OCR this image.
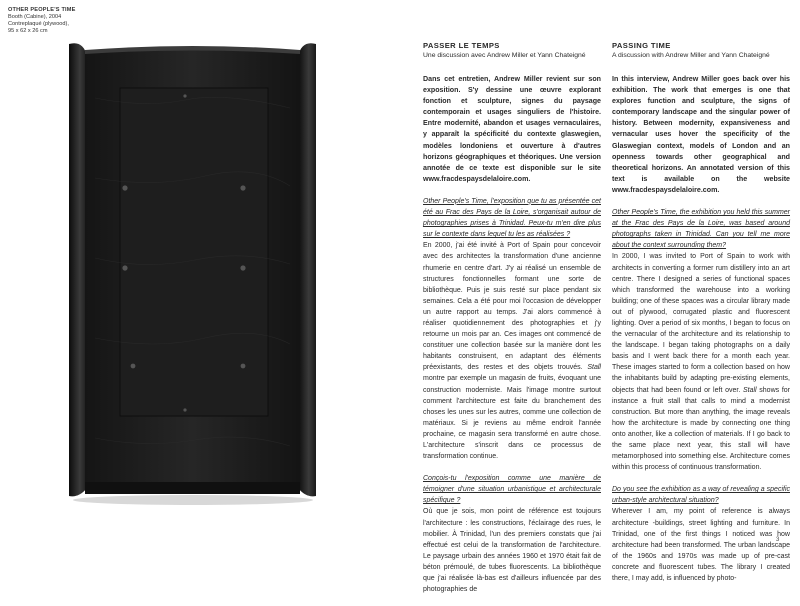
OTHER PEOPLE'S TIME
Booth (Cabine), 2004
Contreplaqué (plywood),
95 x 62 x 26 cm
PASSER LE TEMPS
Une discussion avec Andrew Miller et Yann Chateigné

Dans cet entretien, Andrew Miller revient sur son exposition. S'y dessine une œuvre explorant fonction et sculpture, signes du paysage contemporain et usages singuliers de l'histoire. Entre modernité, abandon et usages vernaculaires, y apparaît la spécificité du contexte glaswegien, modèles londoniens et ouverture à d'autres horizons géographiques et théoriques. Une version annotée de ce texte est disponible sur le site www.fracdespaysdelaloire.com.

Other People's Time, l'exposition que tu as présentée cet été au Frac des Pays de la Loire, s'organisait autour de photographies prises à Trinidad. Peux-tu m'en dire plus sur le contexte dans lequel tu les as réalisées ?

En 2000, j'ai été invité à Port of Spain pour concevoir avec des architectes la transformation d'une ancienne rhumerie en centre d'art. J'y ai réalisé un ensemble de structures fonctionnelles formant une sorte de bibliothèque. Puis je suis resté sur place pendant six semaines. Cela a été pour moi l'occasion de développer un autre rapport au temps. J'ai alors commencé à réaliser quotidiennement des photographies et j'y retourne un mois par an. Ces images ont commencé de constituer une collection basée sur la manière dont les habitants construisent, en adaptant des éléments préexistants, des restes et des objets trouvés. Stall montre par exemple un magasin de fruits, évoquant une construction moderniste. Mais l'image montre surtout comment l'architecture est faite du branchement des choses les unes sur les autres, comme une collection de matériaux. Si je reviens au même endroit l'année prochaine, ce magasin sera transformé en autre chose. L'architecture s'inscrit dans ce processus de transformation continue.

Conçois-tu l'exposition comme une manière de témoigner d'une situation urbanistique et architecturale spécifique ?

Où que je sois, mon point de référence est toujours l'architecture : les constructions, l'éclairage des rues, le mobilier. À Trinidad, l'un des premiers constats que j'ai effectué est celui de la transformation de l'architecture. Le paysage urbain des années 1960 et 1970 était fait de béton prémoulé, de tubes fluorescents. La bibliothèque que j'ai réalisée là-bas est d'ailleurs influencée par des photographies de

PASSING TIME
A discussion with Andrew Miller and Yann Chateigné

In this interview, Andrew Miller goes back over his exhibition. The work that emerges is one that explores function and sculpture, the signs of contemporary landscape and the singular power of history. Between modernity, expansiveness and vernacular uses hover the specificity of the Glaswegian context, models of London and an openness towards other geographical and theoretical horizons. An annotated version of this text is available on the website www.fracdespaysdelaloire.com.

Other People's Time, the exhibition you held this summer at the Frac des Pays de la Loire, was based around photographs taken in Trinidad. Can you tell me more about the context surrounding them?

In 2000, I was invited to Port of Spain to work with architects in converting a former rum distillery into an art centre. There I designed a series of functional spaces which transformed the warehouse into a working building; one of these spaces was a circular library made out of plywood, corrugated plastic and fluorescent lighting. Over a period of six months, I began to focus on the vernacular of the architecture and its relationship to the landscape. I began taking photographs on a daily basis and I went back there for a month each year. These images started to form a collection based on how the inhabitants build by adapting pre-existing elements, objects that had been found or left over. Stall shows for instance a fruit stall that calls to mind a modernist construction. But more than anything, the image reveals how the architecture is made by connecting one thing onto another, like a collection of materials. If I go back to the same place next year, this stall will have metamorphosed into something else. Architecture comes within this process of continuous transformation.

Do you see the exhibition as a way of revealing a specific urban-style architectural situation?

Wherever I am, my point of reference is always architecture -buildings, street lighting and furniture. In Trinidad, one of the first things I noticed was how architecture had been transformed. The urban landscape of the 1960s and 1970s was made up of pre-cast concrete and fluorescent tubes. The library I created there, I may add, is influenced by photo-

3
